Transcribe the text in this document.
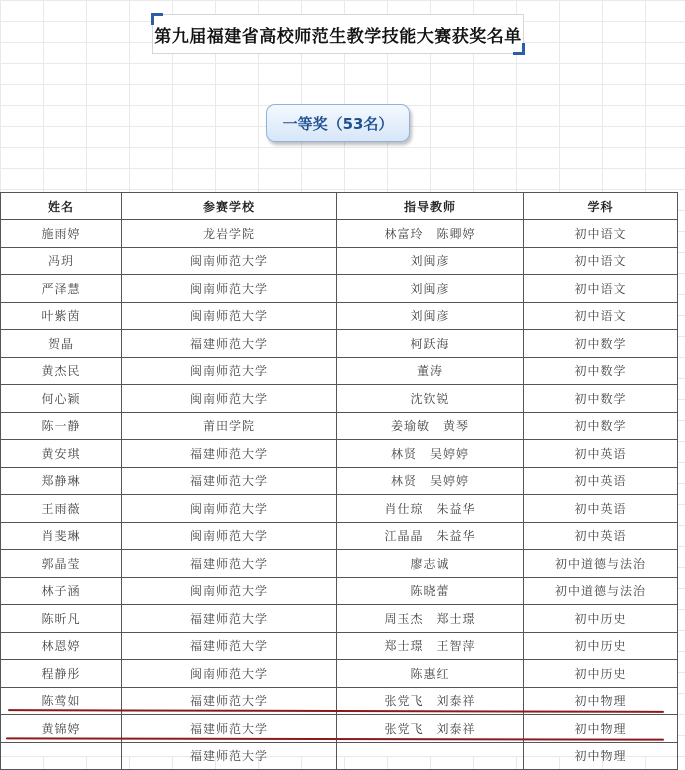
第九届福建省高校师范生教学技能大赛获奖名单
一等奖（53名）
姓名	参赛学校	指导教师	学科
施雨婷	龙岩学院	林富玲　陈卿婷	初中语文
冯玥	闽南师范大学	刘闽彦	初中语文
严泽慧	闽南师范大学	刘闽彦	初中语文
叶紫茵	闽南师范大学	刘闽彦	初中语文
贺晶	福建师范大学	柯跃海	初中数学
黄杰民	闽南师范大学	董涛	初中数学
何心颖	闽南师范大学	沈钦锐	初中数学
陈一静	莆田学院	姜瑜敏　黄琴	初中数学
黄安琪	福建师范大学	林贤　吴婷婷	初中英语
郑静琳	福建师范大学	林贤　吴婷婷	初中英语
王雨薇	闽南师范大学	肖仕琼　朱益华	初中英语
肖斐琳	闽南师范大学	江晶晶　朱益华	初中英语
郭晶莹	福建师范大学	廖志诚	初中道德与法治
林子涵	闽南师范大学	陈晓蕾	初中道德与法治
陈昕凡	福建师范大学	周玉杰　郑士璟	初中历史
林恩婷	福建师范大学	郑士璟　王智萍	初中历史
程静彤	闽南师范大学	陈惠红	初中历史
陈莺如	福建师范大学	张党飞　刘泰祥	初中物理
黄锦婷	福建师范大学	张党飞　刘泰祥	初中物理
	福建师范大学		初中物理
